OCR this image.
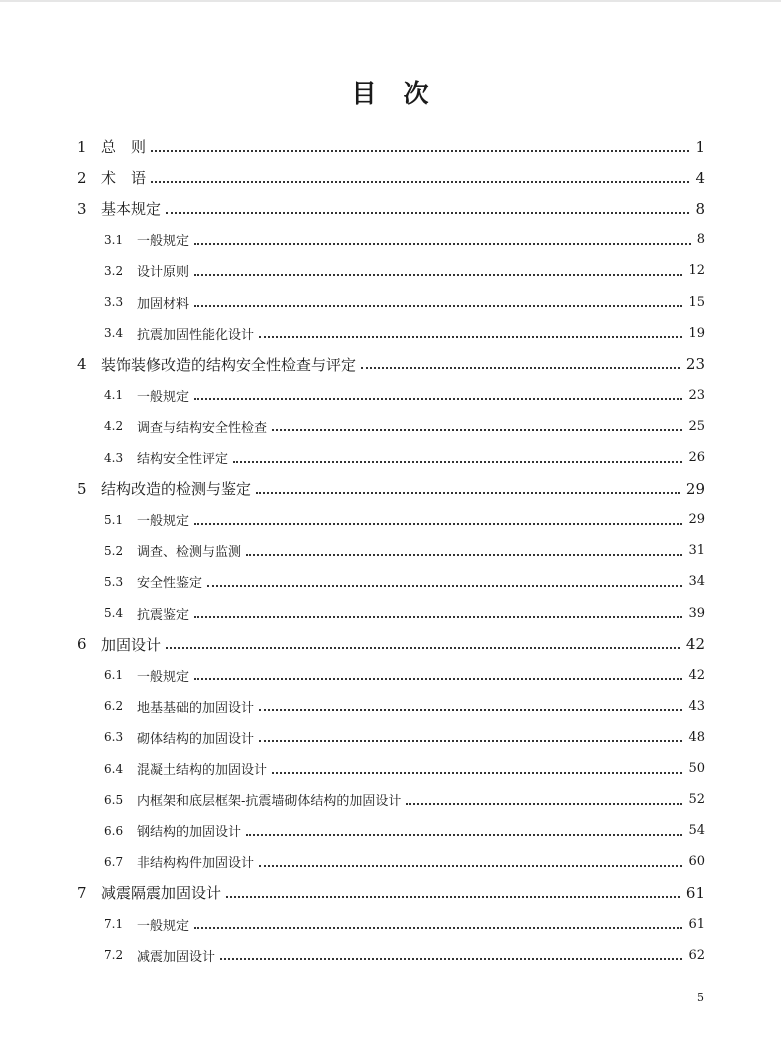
目　次
1 总　则	1
2 术　语	4
3 基本规定	8
3.1	一般规定	8
3.2	设计原则	12
3.3	加固材料	15
3.4	抗震加固性能化设计	19
4 装饰装修改造的结构安全性检查与评定	23
4.1	一般规定	23
4.2	调查与结构安全性检查	25
4.3	结构安全性评定	26
5 结构改造的检测与鉴定	29
5.1	一般规定	29
5.2	调查、检测与监测	31
5.3	安全性鉴定	34
5.4	抗震鉴定	39
6 加固设计	42
6.1	一般规定	42
6.2	地基基础的加固设计	43
6.3	砌体结构的加固设计	48
6.4	混凝土结构的加固设计	50
6.5	内框架和底层框架-抗震墙砌体结构的加固设计	52
6.6	钢结构的加固设计	54
6.7	非结构构件加固设计	60
7 减震隔震加固设计	61
7.1	一般规定	61
7.2	减震加固设计	62
5
